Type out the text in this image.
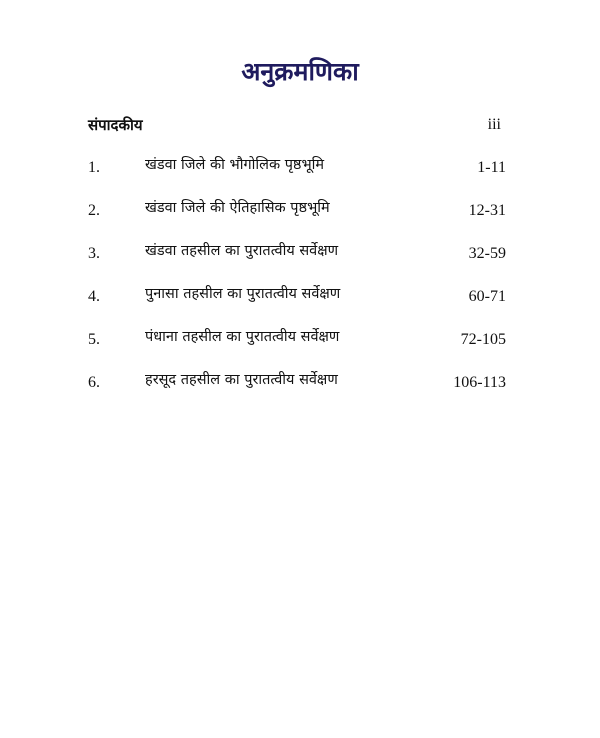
अनुक्रमणिका
संपादकीय	iii
1.	खंडवा जिले की भौगोलिक पृष्ठभूमि	1-11
2.	खंडवा जिले की ऐतिहासिक पृष्ठभूमि	12-31
3.	खंडवा तहसील का पुरातत्वीय सर्वेक्षण	32-59
4.	पुनासा तहसील का पुरातत्वीय सर्वेक्षण	60-71
5.	पंधाना तहसील का पुरातत्वीय सर्वेक्षण	72-105
6.	हरसूद तहसील का पुरातत्वीय सर्वेक्षण	106-113
